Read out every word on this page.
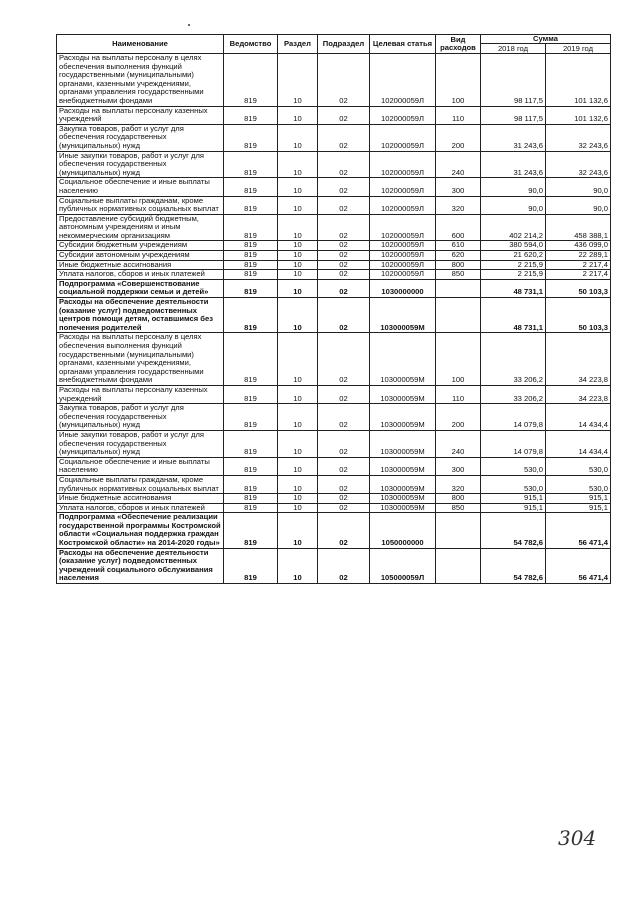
Наименование	Ведомство	Раздел	Подраздел	Целевая статья	Вид расходов	Сумма	
						2018 год	2019 год
Расходы на выплаты персоналу в целях обеспечения выполнения функций государственными (муниципальными) органами, казенными учреждениями, органами управления государственными внебюджетными фондами	819	10	02	102000059Л	100	98 117,5	101 132,6
Расходы на выплаты персоналу казенных учреждений	819	10	02	102000059Л	110	98 117,5	101 132,6
Закупка товаров, работ и услуг для обеспечения государственных (муниципальных) нужд	819	10	02	102000059Л	200	31 243,6	32 243,6
Иные закупки товаров, работ и услуг для обеспечения государственных (муниципальных) нужд	819	10	02	102000059Л	240	31 243,6	32 243,6
Социальное обеспечение и иные выплаты населению	819	10	02	102000059Л	300	90,0	90,0
Социальные выплаты гражданам, кроме публичных нормативных социальных выплат	819	10	02	102000059Л	320	90,0	90,0
Предоставление субсидий бюджетным, автономным учреждениям и иным некоммерческим организациям	819	10	02	102000059Л	600	402 214,2	458 388,1
Субсидии бюджетным учреждениям	819	10	02	102000059Л	610	380 594,0	436 099,0
Субсидии автономным учреждениям	819	10	02	102000059Л	620	21 620,2	22 289,1
Иные бюджетные ассигнования	819	10	02	102000059Л	800	2 215,9	2 217,4
Уплата налогов, сборов и иных платежей	819	10	02	102000059Л	850	2 215,9	2 217,4
Подпрограмма «Совершенствование социальной поддержки семьи и детей»	819	10	02	1030000000		48 731,1	50 103,3
Расходы на обеспечение деятельности (оказание услуг) подведомственных центров помощи детям, оставшимся без попечения родителей	819	10	02	103000059М		48 731,1	50 103,3
Расходы на выплаты персоналу в целях обеспечения выполнения функций государственными (муниципальными) органами, казенными учреждениями, органами управления государственными внебюджетными фондами	819	10	02	103000059М	100	33 206,2	34 223,8
Расходы на выплаты персоналу казенных учреждений	819	10	02	103000059М	110	33 206,2	34 223,8
Закупка товаров, работ и услуг для обеспечения государственных (муниципальных) нужд	819	10	02	103000059М	200	14 079,8	14 434,4
Иные закупки товаров, работ и услуг для обеспечения государственных (муниципальных) нужд	819	10	02	103000059М	240	14 079,8	14 434,4
Социальное обеспечение и иные выплаты населению	819	10	02	103000059М	300	530,0	530,0
Социальные выплаты гражданам, кроме публичных нормативных социальных выплат	819	10	02	103000059М	320	530,0	530,0
Иные бюджетные ассигнования	819	10	02	103000059М	800	915,1	915,1
Уплата налогов, сборов и иных платежей	819	10	02	103000059М	850	915,1	915,1
Подпрограмма «Обеспечение реализации государственной программы Костромской области «Социальная поддержка граждан Костромской области» на 2014-2020 годы»	819	10	02	1050000000		54 782,6	56 471,4
Расходы на обеспечение деятельности (оказание услуг) подведомственных учреждений социального обслуживания населения	819	10	02	105000059Л		54 782,6	56 471,4
304
